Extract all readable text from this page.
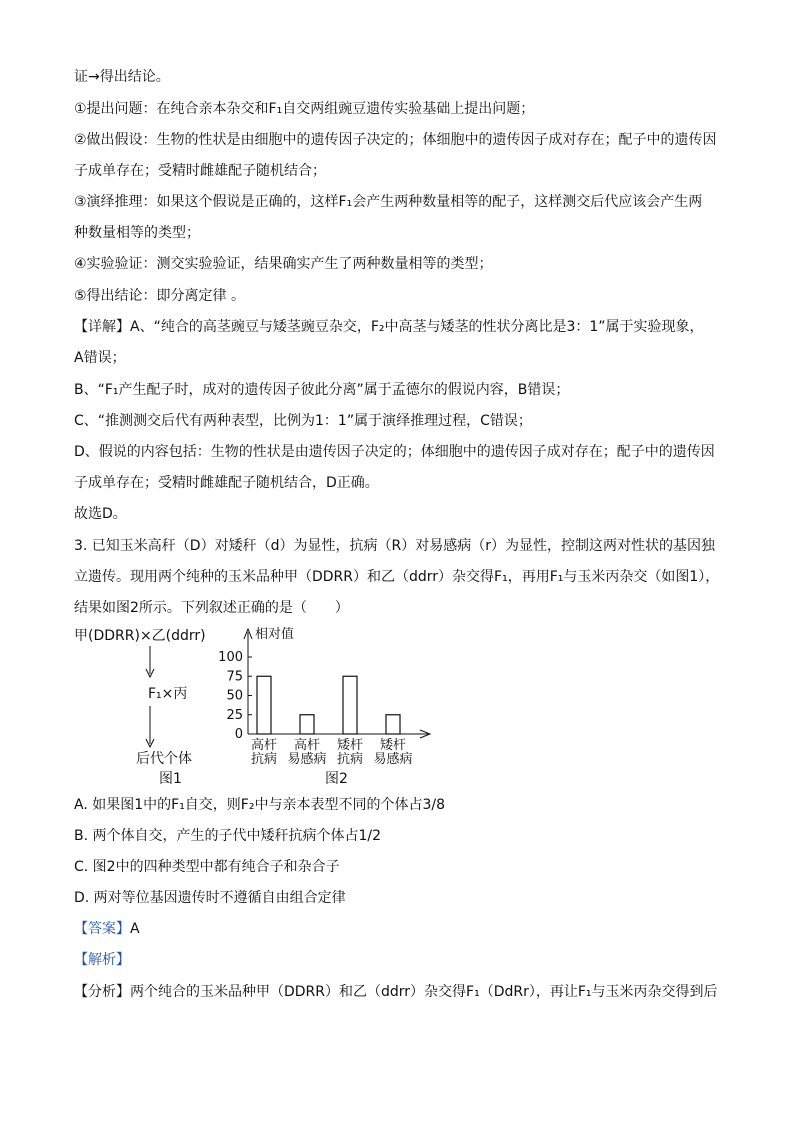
证→得出结论。
①提出问题：在纯合亲本杂交和F₁自交两组豌豆遗传实验基础上提出问题；
②做出假设：生物的性状是由细胞中的遗传因子决定的；体细胞中的遗传因子成对存在；配子中的遗传因
子成单存在；受精时雌雄配子随机结合；
③演绎推理：如果这个假说是正确的，这样F₁会产生两种数量相等的配子，这样测交后代应该会产生两
种数量相等的类型；
④实验验证：测交实验验证，结果确实产生了两种数量相等的类型；
⑤得出结论：即分离定律 。
【详解】A、“纯合的高茎豌豆与矮茎豌豆杂交，F₂中高茎与矮茎的性状分离比是3：1”属于实验现象，
A错误；
B、“F₁产生配子时，成对的遗传因子彼此分离”属于孟德尔的假说内容，B错误；
C、“推测测交后代有两种表型，比例为1：1”属于演绎推理过程，C错误；
D、假说的内容包括：生物的性状是由遗传因子决定的；体细胞中的遗传因子成对存在；配子中的遗传因
子成单存在；受精时雌雄配子随机结合，D正确。
故选D。
3. 已知玉米高秆（D）对矮秆（d）为显性，抗病（R）对易感病（r）为显性，控制这两对性状的基因独
立遗传。现用两个纯种的玉米品种甲（DDRR）和乙（ddrr）杂交得F₁，再用F₁与玉米丙杂交（如图1），
结果如图2所示。下列叙述正确的是（　　）
甲(DDRR)×乙(ddrr)
F₁×丙
后代个体
图1
相对值
图2
0
25
50
75
100
高杆
抗病
高杆
易感病
矮杆
抗病
矮杆
易感病
A. 如果图1中的F₁自交，则F₂中与亲本表型不同的个体占3/8
B. 两个体自交，产生的子代中矮秆抗病个体占1/2
C. 图2中的四种类型中都有纯合子和杂合子
D. 两对等位基因遗传时不遵循自由组合定律
【答案】A
【解析】
【分析】两个纯合的玉米品种甲（DDRR）和乙（ddrr）杂交得F₁（DdRr），再让F₁与玉米丙杂交得到后
